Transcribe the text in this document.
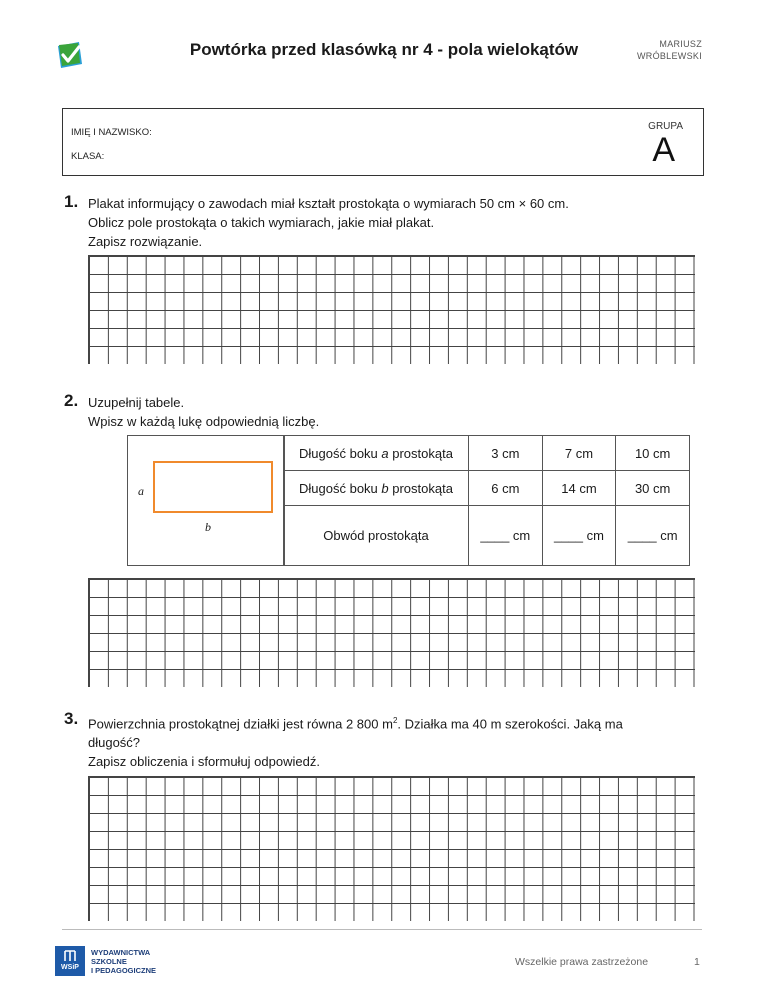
Powtórka przed klasówką nr 4 - pola wielokątów	MARIUSZ
WRÓBLEWSKI
IMIĘ I NAZWISKO:
KLASA:
GRUPA
A
1. Plakat informujący o zawodach miał kształt prostokąta o wymiarach 50 cm × 60 cm.
Oblicz pole prostokąta o takich wymiarach, jakie miał plakat.
Zapisz rozwiązanie.
2. Uzupełnij tabele.
Wpisz w każdą lukę odpowiednią liczbę.
a
b
Długość boku a prostokąta	3 cm	7 cm	10 cm
Długość boku b prostokąta	6 cm	14 cm	30 cm
Obwód prostokąta	____ cm	____ cm	____ cm
3. Powierzchnia prostokątnej działki jest równa 2 800 $m^2$. Działka ma 40 m szerokości. Jaką ma
długość?
Zapisz obliczenia i sformułuj odpowiedź.
WSiP
WYDAWNICTWA
SZKOLNE
I PEDAGOGICZNE
Wszelkie prawa zastrzeżone	1
